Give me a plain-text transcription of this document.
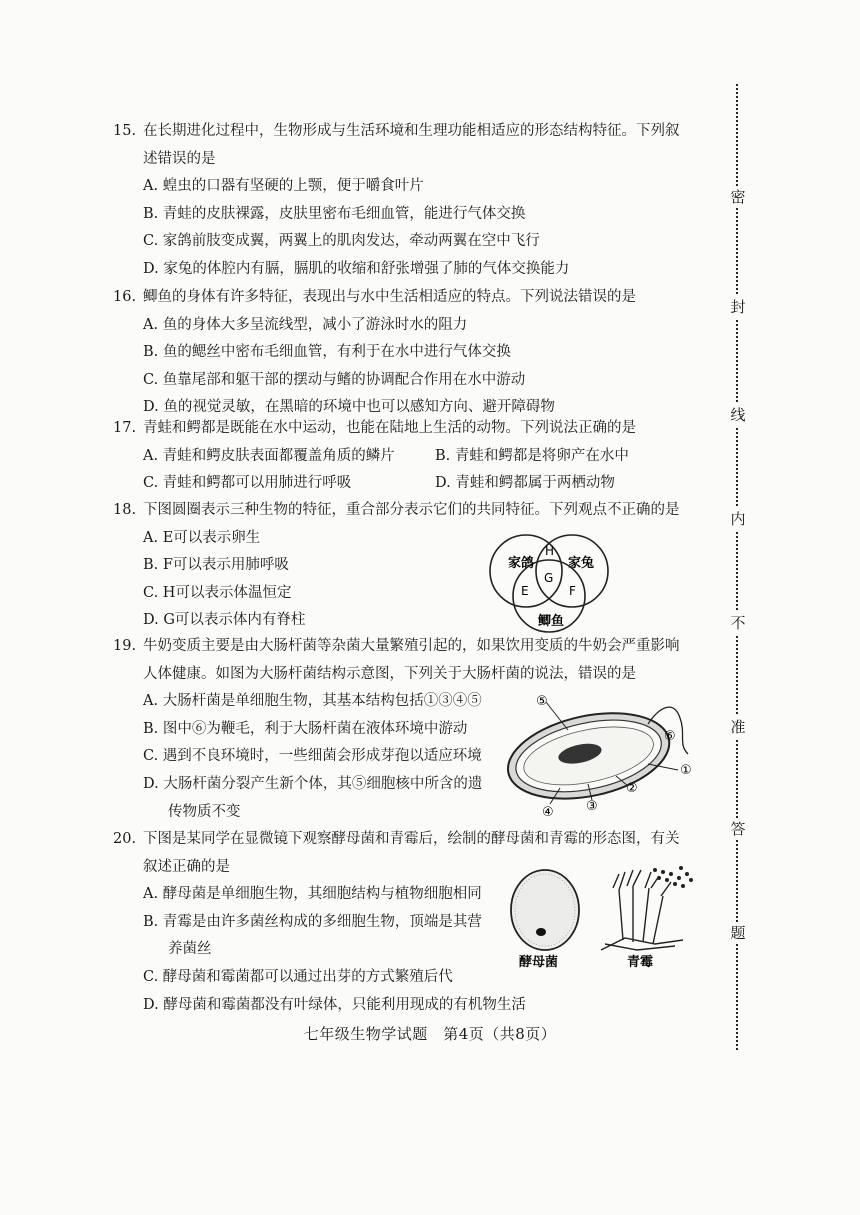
15. 在长期进化过程中，生物形成与生活环境和生理功能相适应的形态结构特征。下列叙
述错误的是
A. 蝗虫的口器有坚硬的上颚，便于嚼食叶片
B. 青蛙的皮肤裸露，皮肤里密布毛细血管，能进行气体交换
C. 家鸽前肢变成翼，两翼上的肌肉发达，牵动两翼在空中飞行
D. 家兔的体腔内有膈，膈肌的收缩和舒张增强了肺的气体交换能力
16. 鲫鱼的身体有许多特征，表现出与水中生活相适应的特点。下列说法错误的是
A. 鱼的身体大多呈流线型，减小了游泳时水的阻力
B. 鱼的鳃丝中密布毛细血管，有利于在水中进行气体交换
C. 鱼靠尾部和躯干部的摆动与鳍的协调配合作用在水中游动
D. 鱼的视觉灵敏，在黑暗的环境中也可以感知方向、避开障碍物
17. 青蛙和鳄都是既能在水中运动，也能在陆地上生活的动物。下列说法正确的是
A. 青蛙和鳄皮肤表面都覆盖角质的鳞片	B. 青蛙和鳄都是将卵产在水中
C. 青蛙和鳄都可以用肺进行呼吸	D. 青蛙和鳄都属于两栖动物
18. 下图圆圈表示三种生物的特征，重合部分表示它们的共同特征。下列观点不正确的是
A. E可以表示卵生
B. F可以表示用肺呼吸
C. H可以表示体温恒定
D. G可以表示体内有脊柱
家鸽	家兔
鲫鱼
H
G
E	F
19. 牛奶变质主要是由大肠杆菌等杂菌大量繁殖引起的，如果饮用变质的牛奶会严重影响
人体健康。如图为大肠杆菌结构示意图，下列关于大肠杆菌的说法，错误的是
A. 大肠杆菌是单细胞生物，其基本结构包括①③④⑤
B. 图中⑥为鞭毛，利于大肠杆菌在液体环境中游动
C. 遇到不良环境时，一些细菌会形成芽孢以适应环境
D. 大肠杆菌分裂产生新个体，其⑤细胞核中所含的遗
传物质不变
⑤
⑥
①
②
③
④
20. 下图是某同学在显微镜下观察酵母菌和青霉后，绘制的酵母菌和青霉的形态图，有关
叙述正确的是
A. 酵母菌是单细胞生物，其细胞结构与植物细胞相同
B. 青霉是由许多菌丝构成的多细胞生物，顶端是其营
养菌丝
C. 酵母菌和霉菌都可以通过出芽的方式繁殖后代
D. 酵母菌和霉菌都没有叶绿体，只能利用现成的有机物生活
酵母菌	青霉
七年级生物学试题　第4页（共8页）
密
封
线
内
不
准
答
题
